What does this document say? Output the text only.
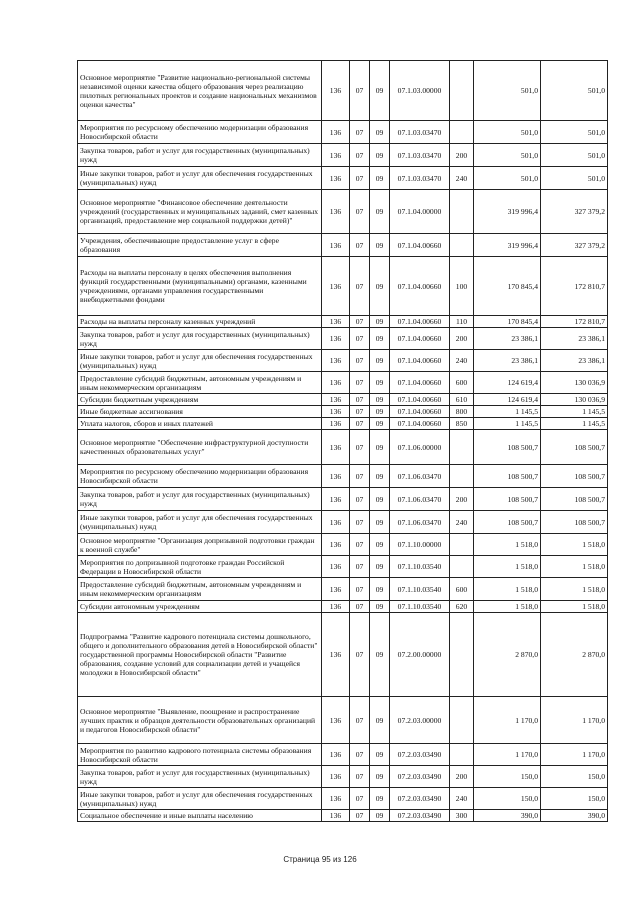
Основное мероприятие "Развитие национально-региональной системы независимой оценки качества общего образования через реализацию пилотных региональных проектов и создание национальных механизмов оценки качества"	136	07	09	07.1.03.00000		501,0	501,0
Мероприятия по ресурсному обеспечению модернизации образования Новосибирской области	136	07	09	07.1.03.03470		501,0	501,0
Закупка товаров, работ и услуг для государственных (муниципальных) нужд	136	07	09	07.1.03.03470	200	501,0	501,0
Иные закупки товаров, работ и услуг для обеспечения государственных (муниципальных) нужд	136	07	09	07.1.03.03470	240	501,0	501,0
Основное мероприятие "Финансовое обеспечение деятельности учреждений (государственных и муниципальных заданий, смет казенных организаций, предоставление мер социальной поддержки детей)"	136	07	09	07.1.04.00000		319 996,4	327 379,2
Учреждения, обеспечивающие предоставление услуг в сфере образования	136	07	09	07.1.04.00660		319 996,4	327 379,2
Расходы на выплаты персоналу в целях обеспечения выполнения функций государственными (муниципальными) органами, казенными учреждениями, органами управления государственными внебюджетными фондами	136	07	09	07.1.04.00660	100	170 845,4	172 810,7
Расходы на выплаты персоналу казенных учреждений	136	07	09	07.1.04.00660	110	170 845,4	172 810,7
Закупка товаров, работ и услуг для государственных (муниципальных) нужд	136	07	09	07.1.04.00660	200	23 386,1	23 386,1
Иные закупки товаров, работ и услуг для обеспечения государственных (муниципальных) нужд	136	07	09	07.1.04.00660	240	23 386,1	23 386,1
Предоставление субсидий бюджетным, автономным учреждениям и иным некоммерческим организациям	136	07	09	07.1.04.00660	600	124 619,4	130 036,9
Субсидии бюджетным учреждениям	136	07	09	07.1.04.00660	610	124 619,4	130 036,9
Иные бюджетные ассигнования	136	07	09	07.1.04.00660	800	1 145,5	1 145,5
Уплата налогов, сборов и иных платежей	136	07	09	07.1.04.00660	850	1 145,5	1 145,5
Основное мероприятие "Обеспечение инфраструктурной доступности качественных образовательных услуг"	136	07	09	07.1.06.00000		108 500,7	108 500,7
Мероприятия по ресурсному обеспечению модернизации образования Новосибирской области	136	07	09	07.1.06.03470		108 500,7	108 500,7
Закупка товаров, работ и услуг для государственных (муниципальных) нужд	136	07	09	07.1.06.03470	200	108 500,7	108 500,7
Иные закупки товаров, работ и услуг для обеспечения государственных (муниципальных) нужд	136	07	09	07.1.06.03470	240	108 500,7	108 500,7
Основное мероприятие "Организация допризывной подготовки граждан к военной службе"	136	07	09	07.1.10.00000		1 518,0	1 518,0
Мероприятия по допризывной подготовке граждан Российской Федерации в Новосибирской области	136	07	09	07.1.10.03540		1 518,0	1 518,0
Предоставление субсидий бюджетным, автономным учреждениям и иным некоммерческим организациям	136	07	09	07.1.10.03540	600	1 518,0	1 518,0
Субсидии автономным учреждениям	136	07	09	07.1.10.03540	620	1 518,0	1 518,0
Подпрограмма "Развитие кадрового потенциала системы дошкольного, общего и дополнительного образования детей в Новосибирской области" государственной программы Новосибирской области "Развитие образования, создание условий для социализации детей и учащейся молодежи в Новосибирской области"	136	07	09	07.2.00.00000		2 870,0	2 870,0
Основное мероприятие "Выявление, поощрение и распространение лучших практик и образцов деятельности образовательных организаций и педагогов Новосибирской области"	136	07	09	07.2.03.00000		1 170,0	1 170,0
Мероприятия по развитию кадрового потенциала системы образования Новосибирской области	136	07	09	07.2.03.03490		1 170,0	1 170,0
Закупка товаров, работ и услуг для государственных (муниципальных) нужд	136	07	09	07.2.03.03490	200	150,0	150,0
Иные закупки товаров, работ и услуг для обеспечения государственных (муниципальных) нужд	136	07	09	07.2.03.03490	240	150,0	150,0
Социальное обеспечение и иные выплаты населению	136	07	09	07.2.03.03490	300	390,0	390,0
Страница 95 из 126
